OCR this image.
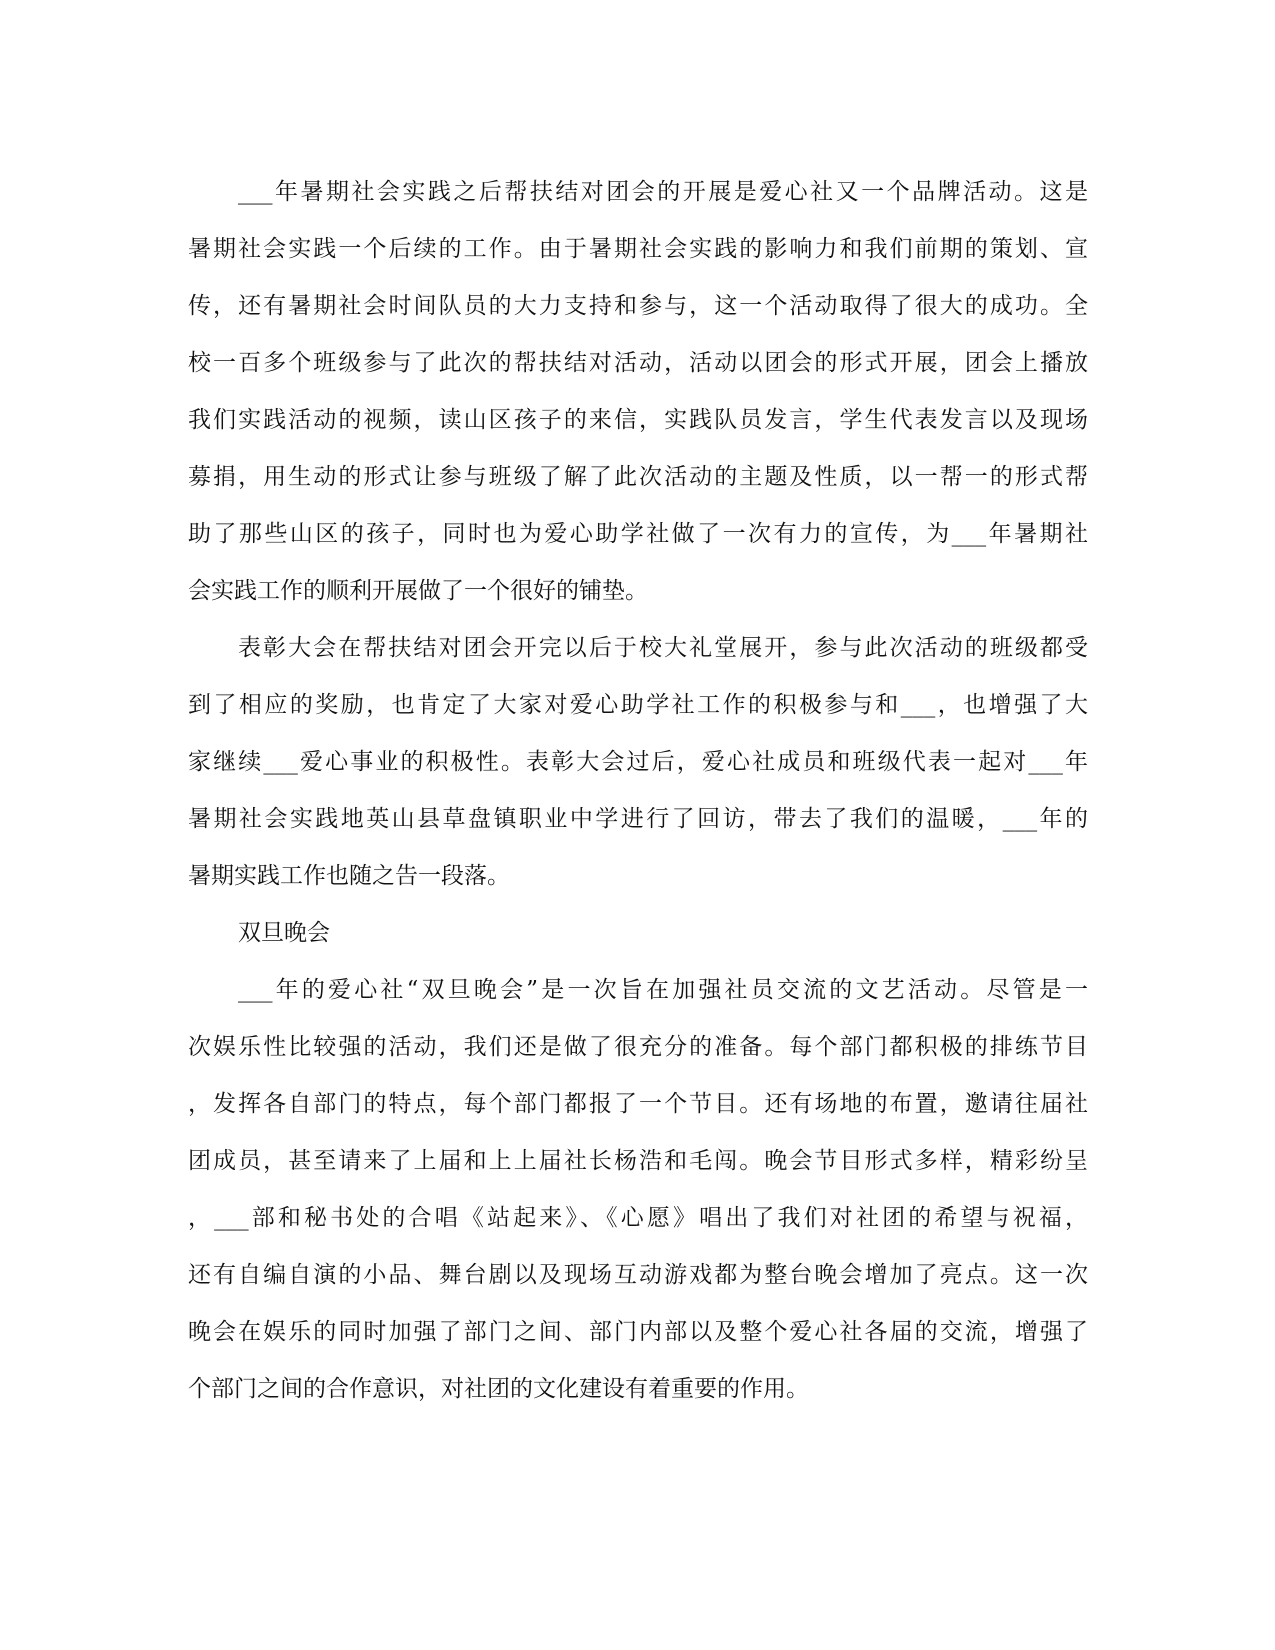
___年暑期社会实践之后帮扶结对团会的开展是爱心社又一个品牌活动。这是
暑期社会实践一个后续的工作。由于暑期社会实践的影响力和我们前期的策划、宣
传，还有暑期社会时间队员的大力支持和参与，这一个活动取得了很大的成功。全
校一百多个班级参与了此次的帮扶结对活动，活动以团会的形式开展，团会上播放
我们实践活动的视频，读山区孩子的来信，实践队员发言，学生代表发言以及现场
募捐，用生动的形式让参与班级了解了此次活动的主题及性质，以一帮一的形式帮
助了那些山区的孩子，同时也为爱心助学社做了一次有力的宣传，为___年暑期社
会实践工作的顺利开展做了一个很好的铺垫。
表彰大会在帮扶结对团会开完以后于校大礼堂展开，参与此次活动的班级都受
到了相应的奖励，也肯定了大家对爱心助学社工作的积极参与和___，也增强了大
家继续___爱心事业的积极性。表彰大会过后，爱心社成员和班级代表一起对___年
暑期社会实践地英山县草盘镇职业中学进行了回访，带去了我们的温暖，___年的
暑期实践工作也随之告一段落。
双旦晚会
___年的爱心社“双旦晚会”是一次旨在加强社员交流的文艺活动。尽管是一
次娱乐性比较强的活动，我们还是做了很充分的准备。每个部门都积极的排练节目
，发挥各自部门的特点，每个部门都报了一个节目。还有场地的布置，邀请往届社
团成员，甚至请来了上届和上上届社长杨浩和毛闯。晚会节目形式多样，精彩纷呈
，___部和秘书处的合唱《站起来》、《心愿》唱出了我们对社团的希望与祝福，
还有自编自演的小品、舞台剧以及现场互动游戏都为整台晚会增加了亮点。这一次
晚会在娱乐的同时加强了部门之间、部门内部以及整个爱心社各届的交流，增强了
个部门之间的合作意识，对社团的文化建设有着重要的作用。
